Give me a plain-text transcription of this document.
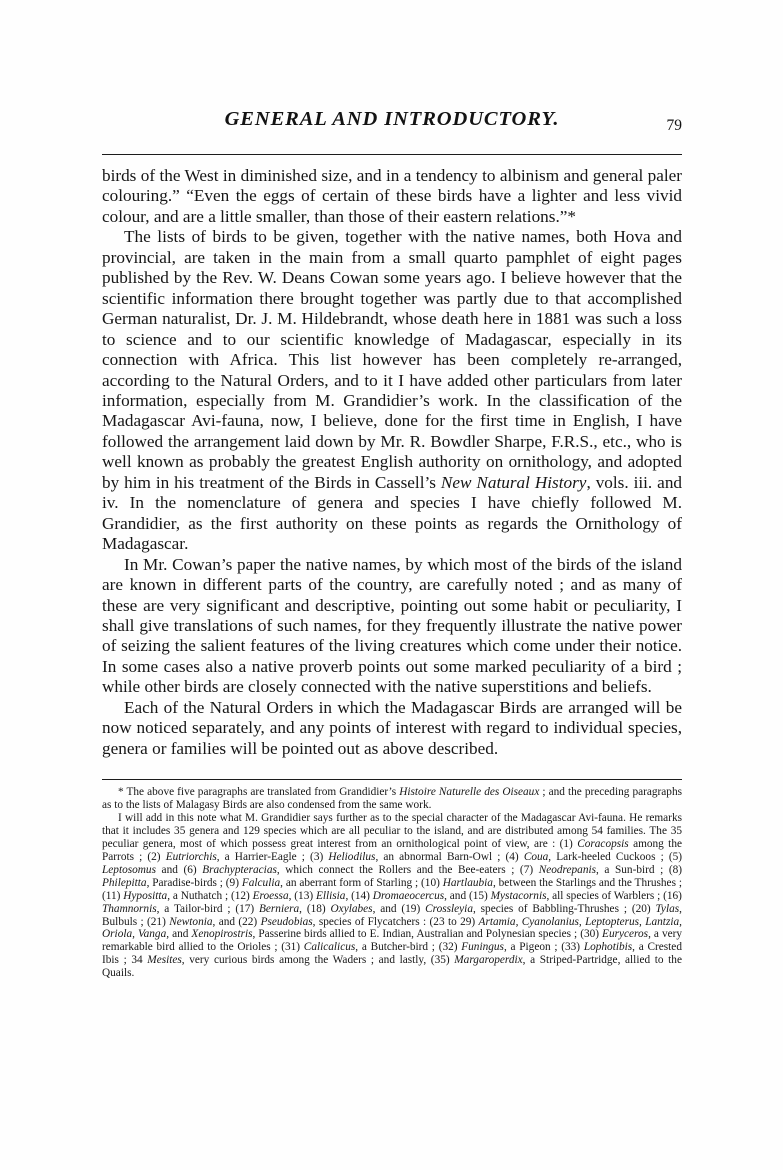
GENERAL AND INTRODUCTORY.	79

birds of the West in diminished size, and in a tendency to albinism and general paler colouring.” “Even the eggs of certain of these birds have a lighter and less vivid colour, and are a little smaller, than those of their eastern relations.”*

The lists of birds to be given, together with the native names, both Hova and provincial, are taken in the main from a small quarto pamphlet of eight pages published by the Rev. W. Deans Cowan some years ago. I believe however that the scientific information there brought together was partly due to that accomplished German naturalist, Dr. J. M. Hildebrandt, whose death here in 1881 was such a loss to science and to our scientific knowledge of Madagascar, especially in its connection with Africa. This list however has been completely re-arranged, according to the Natural Orders, and to it I have added other particulars from later information, especially from M. Grandidier’s work. In the classification of the Madagascar Avi-fauna, now, I believe, done for the first time in English, I have followed the arrangement laid down by Mr. R. Bowdler Sharpe, F.R.S., etc., who is well known as probably the greatest English authority on ornithology, and adopted by him in his treatment of the Birds in Cassell’s New Natural History, vols. iii. and iv. In the nomenclature of genera and species I have chiefly followed M. Grandidier, as the first authority on these points as regards the Ornithology of Madagascar.

In Mr. Cowan’s paper the native names, by which most of the birds of the island are known in different parts of the country, are carefully noted ; and as many of these are very significant and descriptive, pointing out some habit or peculiarity, I shall give translations of such names, for they frequently illustrate the native power of seizing the salient features of the living creatures which come under their notice. In some cases also a native proverb points out some marked peculiarity of a bird ; while other birds are closely connected with the native superstitions and beliefs.

Each of the Natural Orders in which the Madagascar Birds are arranged will be now noticed separately, and any points of interest with regard to individual species, genera or families will be pointed out as above described.

* The above five paragraphs are translated from Grandidier’s Histoire Naturelle des Oiseaux ; and the preceding paragraphs as to the lists of Malagasy Birds are also condensed from the same work.

I will add in this note what M. Grandidier says further as to the special character of the Madagascar Avi-fauna. He remarks that it includes 35 genera and 129 species which are all peculiar to the island, and are distributed among 54 families. The 35 peculiar genera, most of which possess great interest from an ornithological point of view, are : (1) Coracopsis among the Parrots ; (2) Eutriorchis, a Harrier-Eagle ; (3) Heliodilus, an abnormal Barn-Owl ; (4) Coua, Lark-heeled Cuckoos ; (5) Leptosomus and (6) Brachypteracias, which connect the Rollers and the Bee-eaters ; (7) Neodrepanis, a Sun-bird ; (8) Philepitta, Paradise-birds ; (9) Falculia, an aberrant form of Starling ; (10) Hartlaubia, between the Starlings and the Thrushes ; (11) Hypositta, a Nuthatch ; (12) Eroessa, (13) Ellisia, (14) Dromaeocercus, and (15) Mystacornis, all species of Warblers ; (16) Thamnornis, a Tailor-bird ; (17) Berniera, (18) Oxylabes, and (19) Crossleyia, species of Babbling-Thrushes ; (20) Tylas, Bulbuls ; (21) Newtonia, and (22) Pseudobias, species of Flycatchers : (23 to 29) Artamia, Cyanolanius, Leptopterus, Lantzia, Oriola, Vanga, and Xenopirostris, Passerine birds allied to E. Indian, Australian and Polynesian species ; (30) Euryceros, a very remarkable bird allied to the Orioles ; (31) Calicalicus, a Butcher-bird ; (32) Funingus, a Pigeon ; (33) Lophotibis, a Crested Ibis ; 34 Mesites, very curious birds among the Waders ; and lastly, (35) Margaroperdix, a Striped-Partridge, allied to the Quails.
